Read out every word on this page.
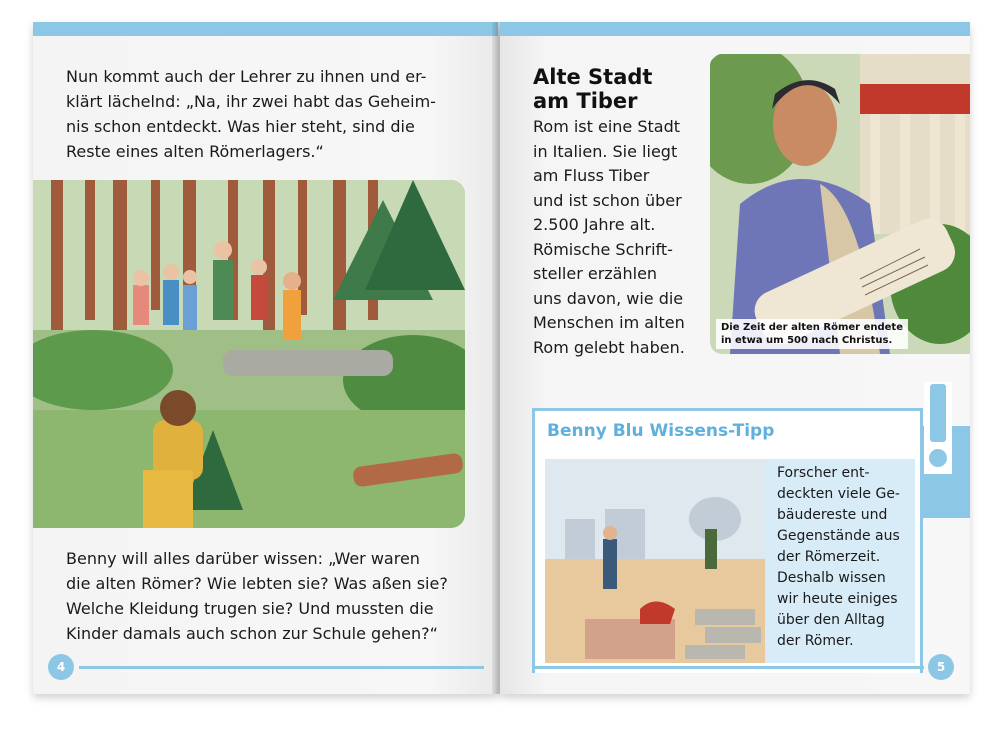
Nun kommt auch der Lehrer zu ihnen und er-
klärt lächelnd: „Na, ihr zwei habt das Geheim-
nis schon entdeckt. Was hier steht, sind die
Reste eines alten Römerlagers.“

Benny will alles darüber wissen: „Wer waren
die alten Römer? Wie lebten sie? Was aßen sie?
Welche Kleidung trugen sie? Und mussten die
Kinder damals auch schon zur Schule gehen?“

4
Alte Stadt
am Tiber

Rom ist eine Stadt
in Italien. Sie liegt
am Fluss Tiber
und ist schon über
2.500 Jahre alt.
Römische Schrift-
steller erzählen
uns davon, wie die
Menschen im alten
Rom gelebt haben.

Die Zeit der alten Römer endete
in etwa um 500 nach Christus.
Benny Blu Wissens-Tipp

Forscher ent-
deckten viele Ge-
bäudereste und
Gegenstände aus
der Römerzeit.
Deshalb wissen
wir heute einiges
über den Alltag
der Römer.

5
